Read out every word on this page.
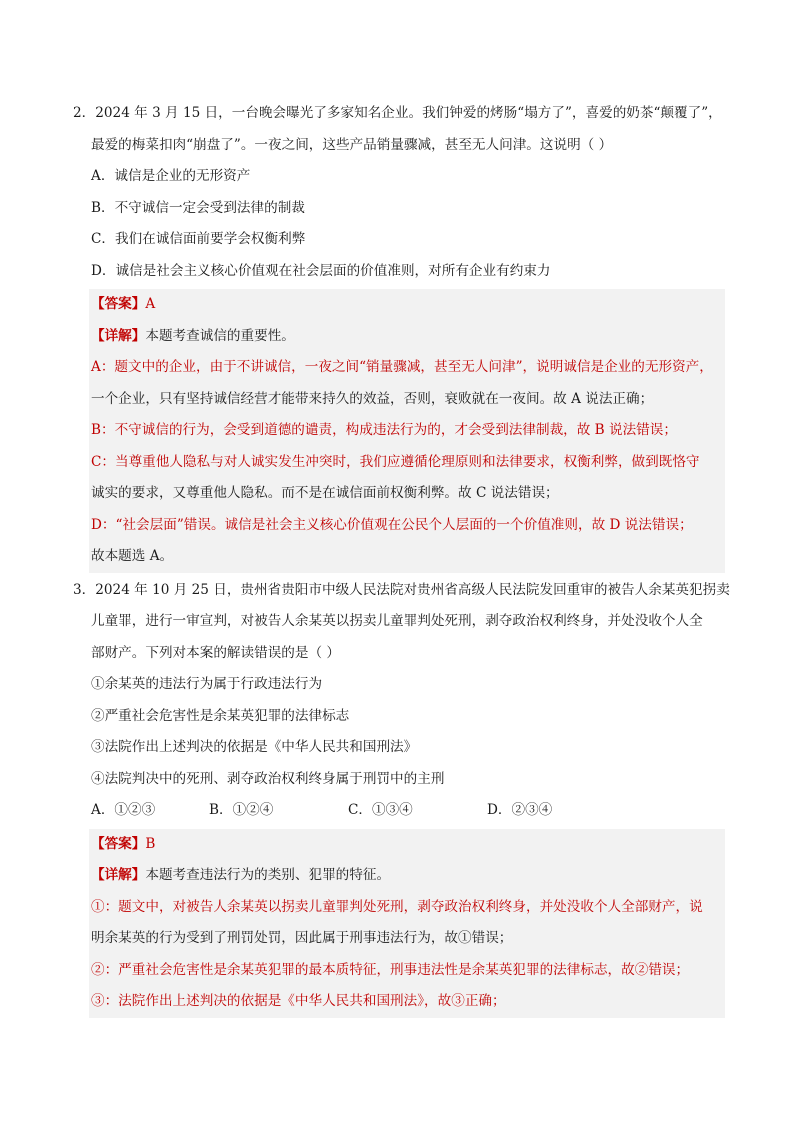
2．2024 年 3 月 15 日，一台晚会曝光了多家知名企业。我们钟爱的烤肠“塌方了”，喜爱的奶茶“颠覆了”，

最爱的梅菜扣肉“崩盘了”。一夜之间，这些产品销量骤减，甚至无人问津。这说明（ ）

A．诚信是企业的无形资产

B．不守诚信一定会受到法律的制裁

C．我们在诚信面前要学会权衡利弊

D．诚信是社会主义核心价值观在社会层面的价值准则，对所有企业有约束力

【答案】A

【详解】本题考查诚信的重要性。

A：题文中的企业，由于不讲诚信，一夜之间“销量骤减，甚至无人问津”，说明诚信是企业的无形资产，

一个企业，只有坚持诚信经营才能带来持久的效益，否则，衰败就在一夜间。故 A 说法正确；

B：不守诚信的行为，会受到道德的谴责，构成违法行为的，才会受到法律制裁，故 B 说法错误；

C：当尊重他人隐私与对人诚实发生冲突时，我们应遵循伦理原则和法律要求，权衡利弊，做到既恪守

诚实的要求，又尊重他人隐私。而不是在诚信面前权衡利弊。故 C 说法错误；

D：“社会层面”错误。诚信是社会主义核心价值观在公民个人层面的一个价值准则，故 D 说法错误；

故本题选 A。

3．2024 年 10 月 25 日，贵州省贵阳市中级人民法院对贵州省高级人民法院发回重审的被告人余某英犯拐卖

儿童罪，进行一审宣判，对被告人余某英以拐卖儿童罪判处死刑，剥夺政治权利终身，并处没收个人全

部财产。下列对本案的解读错误的是（ ）

①余某英的违法行为属于行政违法行为

②严重社会危害性是余某英犯罪的法律标志

③法院作出上述判决的依据是《中华人民共和国刑法》

④法院判决中的死刑、剥夺政治权利终身属于刑罚中的主刑

A．①②③	B．①②④	C．①③④	D．②③④

【答案】B

【详解】本题考查违法行为的类别、犯罪的特征。

①：题文中，对被告人余某英以拐卖儿童罪判处死刑，剥夺政治权利终身，并处没收个人全部财产，说

明余某英的行为受到了刑罚处罚，因此属于刑事违法行为，故①错误；

②：严重社会危害性是余某英犯罪的最本质特征，刑事违法性是余某英犯罪的法律标志，故②错误；

③：法院作出上述判决的依据是《中华人民共和国刑法》，故③正确；
